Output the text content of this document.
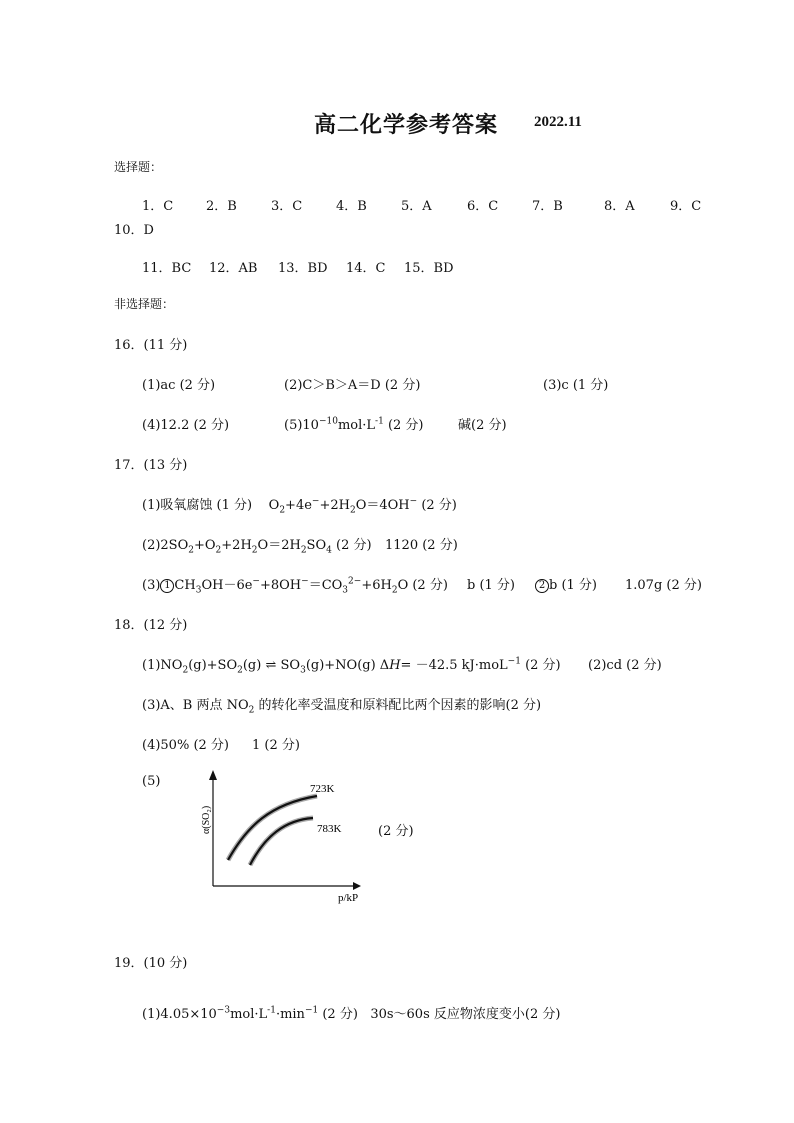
高二化学参考答案 2022.11
选择题：
1．C	2．B	3．C	4．B	5．A	6．C	7．B	8．A	9．C
10．D
11．BC 12．AB 13．BD 14．C 15．BD
非选择题：
16．(11 分)
(1)ac (2 分)	(2)C＞B＞A＝D (2 分)	(3)c (1 分)
(4)12.2 (2 分)	$(5)10^{-10}mol\cdot L^{-1}$ (2 分)	碱(2 分)
17．(13 分)
(1)吸氧腐蚀 (1 分) $O_2+4e^-+2H_2O=4OH^-$ (2 分)
$(2)2SO_2+O_2+2H_2O=2H_2SO_4$ (2 分) 1120 (2 分)
(3) 1 $CH_3OH-6e^-+8OH^-=CO_3^{2-}+6H_2O$ (2 分) b (1 分)	2 b (1 分) 1.07g (2 分)
18．(12 分)
$(1)NO_2(g)+SO_2(g)$ ⇌ $SO_3(g)+NO(g)$ ΔH= －42.5 kJ·moL$^{-1}$ (2 分) (2)cd (2 分)
(3)A、B 两点 $NO_2$ 的转化率受温度和原料配比两个因素的影响(2 分)
(4)50% (2 分) 1 (2 分)
(5)	723K
783K
p/kP
α(SO₂)	(2 分)
19．(10 分)
$(1)4.05\times 10^{-3}mol\cdot L^{-1}\cdot\min^{-1}$ (2 分) 30s～60s 反应物浓度变小(2 分)
